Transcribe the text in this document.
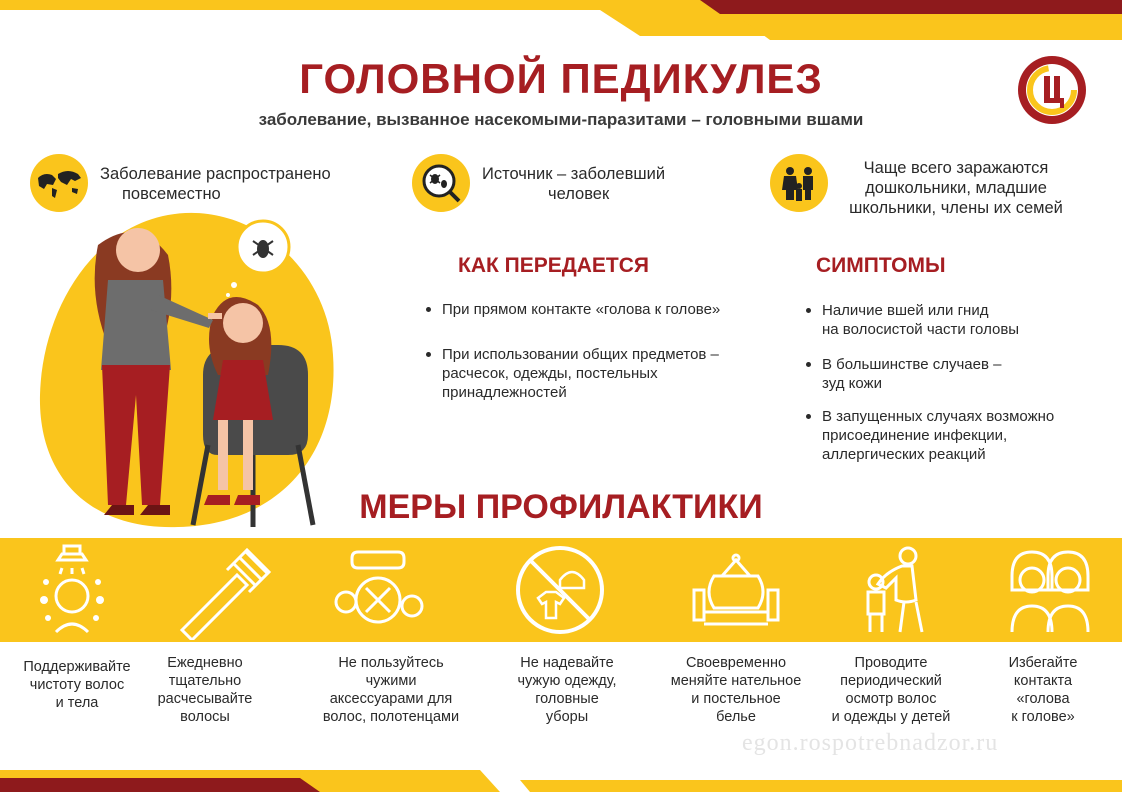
ГОЛОВНОЙ ПЕДИКУЛЕЗ
заболевание, вызванное насекомыми-паразитами – головными вшами
Заболевание распространено
повсеместно
Источник – заболевший
человек
Чаще всего заражаются
дошкольники, младшие
школьники, члены их семей
КАК ПЕРЕДАЕТСЯ
При прямом контакте «голова к голове»
При использовании общих предметов –
расчесок, одежды, постельных
принадлежностей
СИМПТОМЫ
Наличие вшей или гнид
на волосистой части головы
В большинстве случаев –
зуд кожи
В запущенных случаях возможно
присоединение инфекции,
аллергических реакций
МЕРЫ ПРОФИЛАКТИКИ
Поддерживайте
чистоту волос
и тела
Ежедневно
тщательно
расчесывайте
волосы
Не пользуйтесь
чужими
аксессуарами для
волос, полотенцами
Не надевайте
чужую одежду,
головные
уборы
Своевременно
меняйте нательное
и постельное
белье
Проводите
периодический
осмотр волос
и одежды у детей
Избегайте
контакта
«голова
к голове»
egon.rospotrebnadzor.ru
